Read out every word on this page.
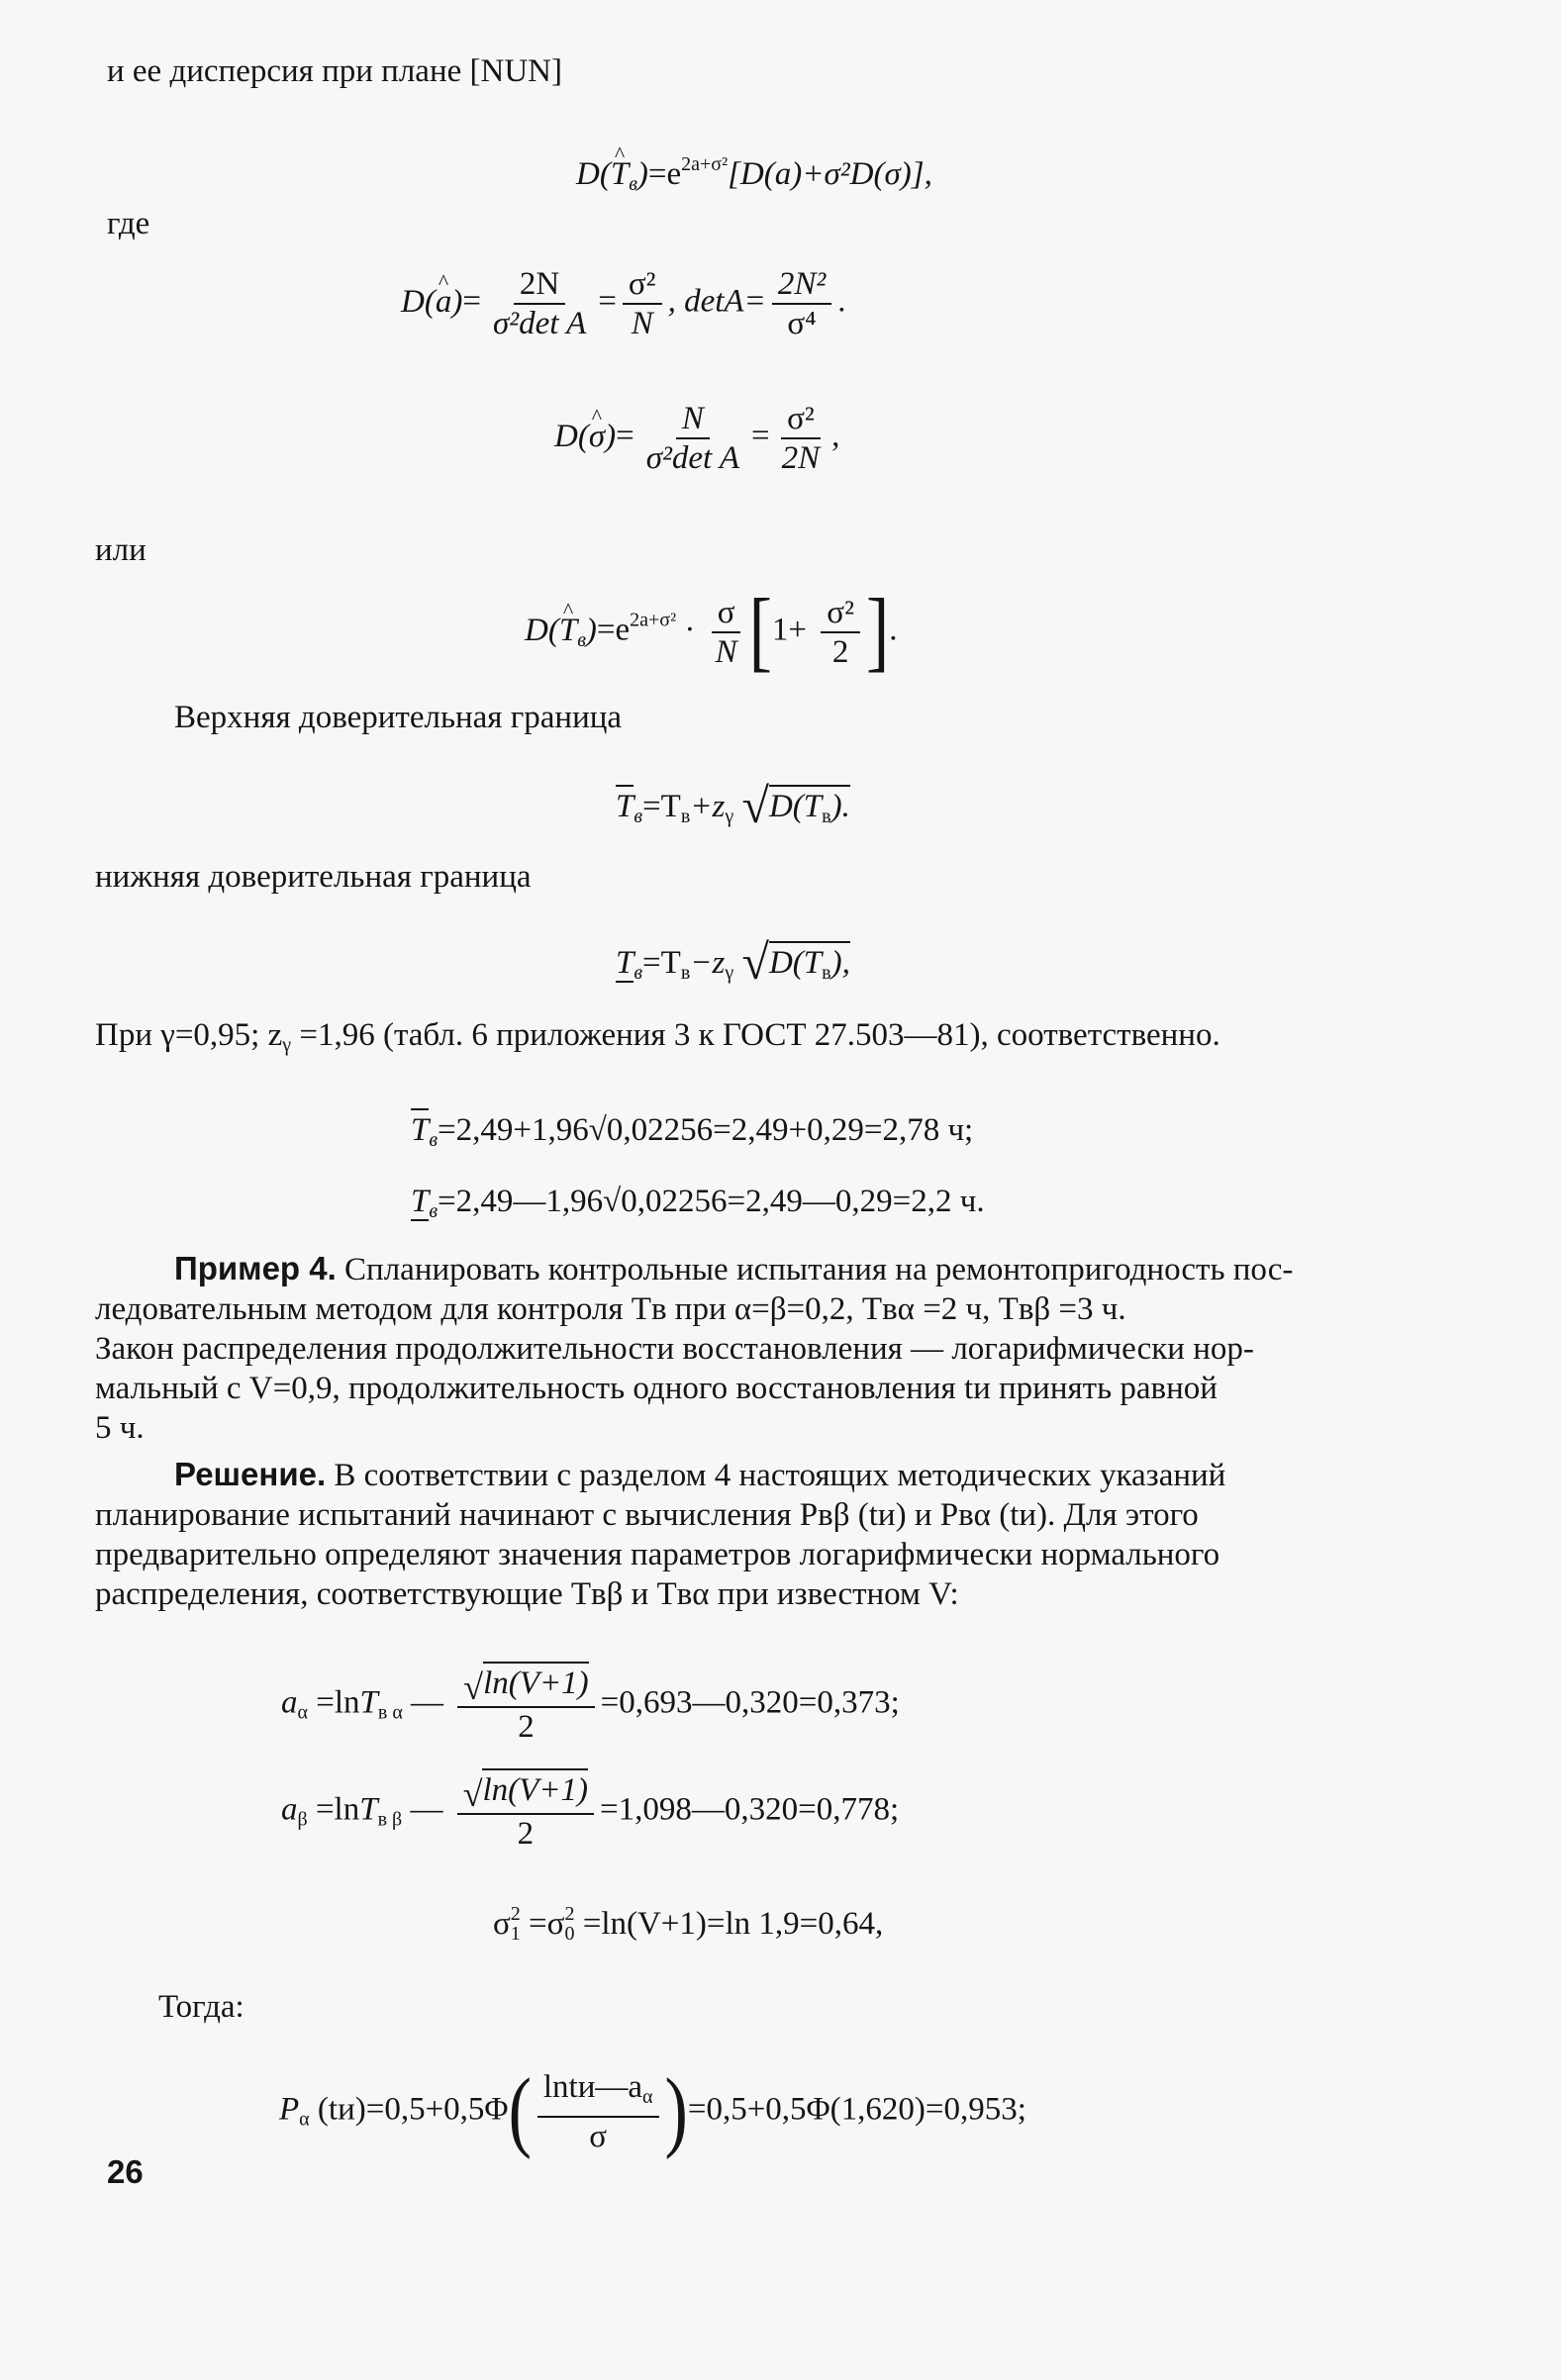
и ее дисперсия при плане [NUN]
D(^ $T_в)=e^{2a+\sigma^2}[D(a)+\sigma^2D(\sigma)]$,
где
D(^ $a)= \frac{2N}{\text{σ²det A}} = \frac{\text{σ²}}{N}$ , $\det A= \frac{\text{2N²}}{\text{σ⁴}}$ .
D(^ $\sigma)= \frac{N}{\text{σ²det A}} = \frac{\text{σ²}}{2N}$ ,
или
D(^ $T_в)=e^{2a+\sigma^2} \cdot \frac{\sigma}{N} [1+ \frac{\text{σ²}}{2}$ ].
Верхняя доверительная граница
$T_в=T_в+z_\gamma$ $√D(T_в)$.
нижняя доверительная граница
$T_в=T_в-z_\gamma$ $√D(T_в)$,
При γ=0,95; $z_\gamma =1,96$ (табл. 6 приложения 3 к ГОСТ 27.503—81), соответственно.
$T_в=2,49+1,96√0,02256=2,49+0,29=2,78$ ч;
$T_в=2,49—1,96√0,02256=2,49—0,29=2,2$ ч.
Пример 4. Спланировать контрольные испытания на ремонтопригодность пос-
ледовательным методом для контроля Tв при α=β=0,2, Tвα =2 ч, Tвβ =3 ч.
Закон распределения продолжительности восстановления — логарифмически нор-
мальный с V=0,9, продолжительность одного восстановления tи принять равной
5 ч.
Решение. В соответствии с разделом 4 настоящих методических указаний
планирование испытаний начинают с вычисления Pвβ (tи) и Pвα (tи). Для этого
предварительно определяют значения параметров логарифмически нормального
распределения, соответствующие Tвβ и Tвα при известном V:
$a_\alpha =\ln T_{в \alpha}$ — $\frac{√\ln(V+1)}{2}$ =0,693—0,320=0,373;
$a_\beta =\ln T_{в \beta}$ — $\frac{√\ln(V+1)}{2}$ =1,098—0,320=0,778;
$\sigma^2_1 =\sigma^2_0 =\ln(V+1)=\ln$ 1,9=0,64,
Тогда:
$P_\alpha$ $(tи)=0,5+0,5\Phi( \frac{\ln tи—a_\alpha}{\sigma} )=0,5+0,5\Phi(1,620)=0,953$;
26
